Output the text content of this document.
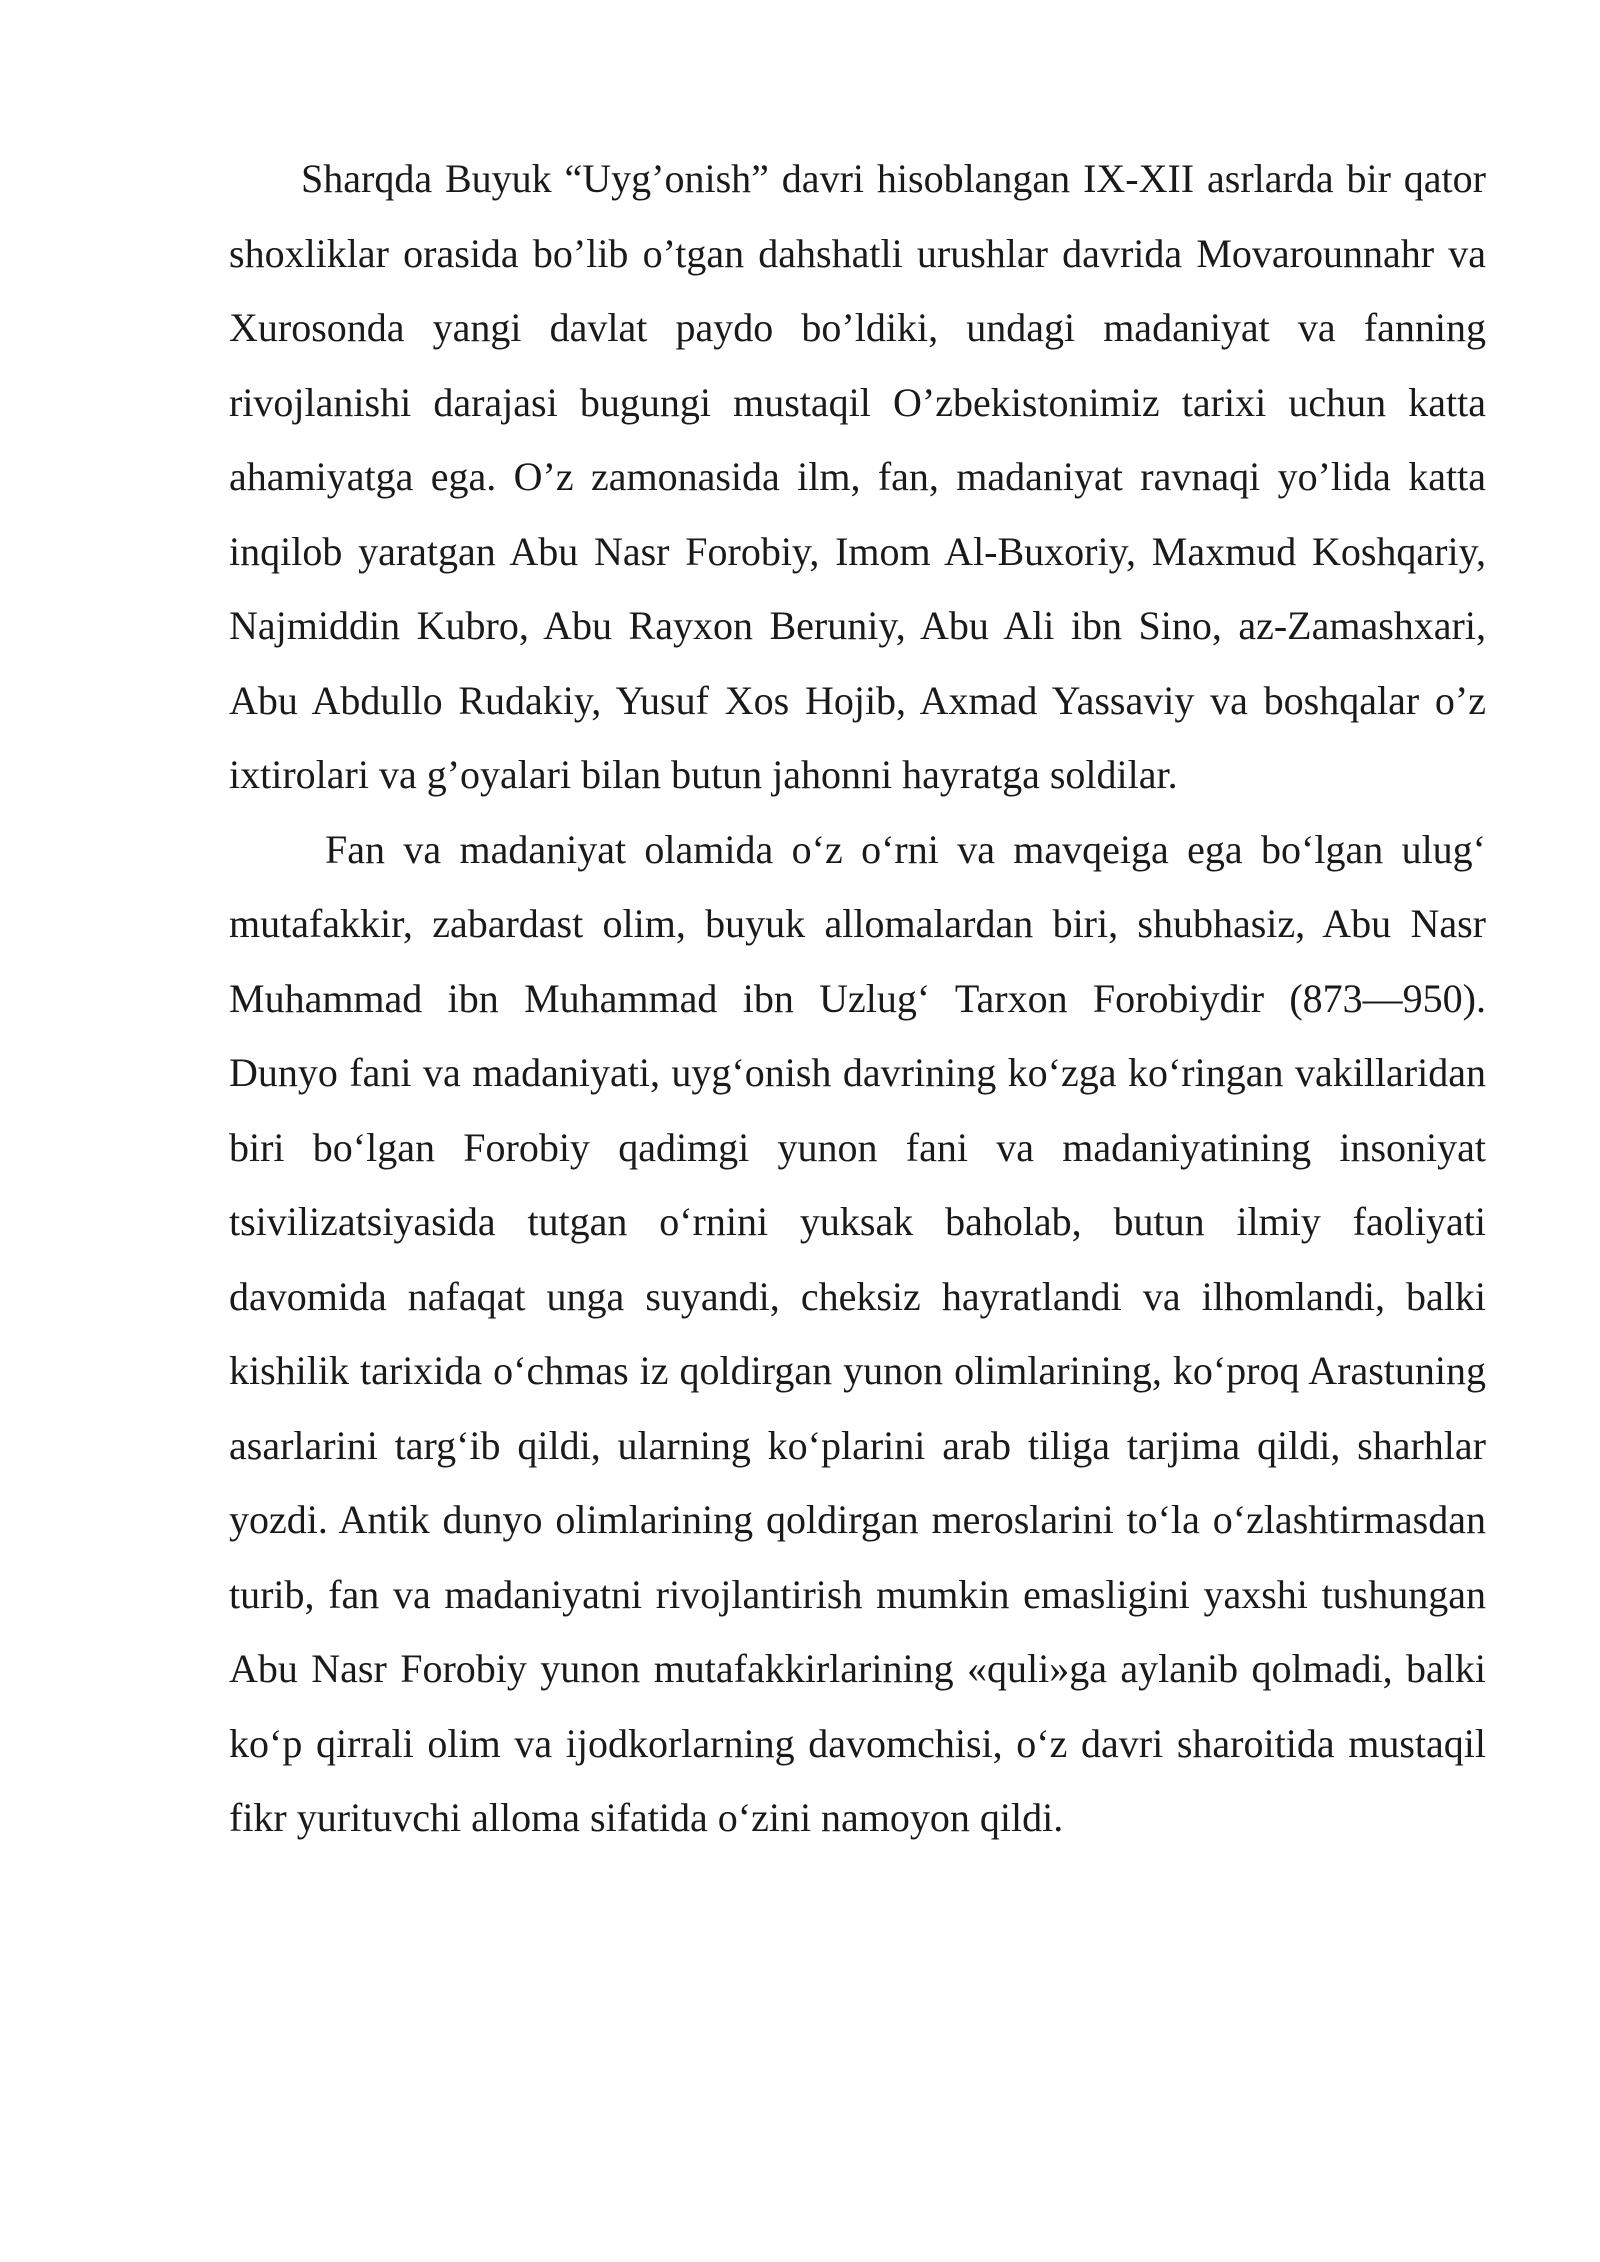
Sharqda Buyuk “Uyg’onish” davri hisoblangan IX-XII asrlarda bir qator shoxliklar orasida bo’lib o’tgan dahshatli urushlar davrida Movarounnahr va Xurosonda yangi davlat paydo bo’ldiki, undagi madaniyat va fanning rivojlanishi darajasi bugungi mustaqil O’zbekistonimiz tarixi uchun katta ahamiyatga ega. O’z zamonasida ilm, fan, madaniyat ravnaqi yo’lida katta inqilob yaratgan Abu Nasr Forobiy, Imom Al-Buxoriy, Maxmud Koshqariy, Najmiddin Kubro, Abu Rayxon Beruniy, Abu Ali ibn Sino, az-Zamashxari, Abu Abdullo Rudakiy, Yusuf Xos Hojib, Axmad Yassaviy va boshqalar o’z ixtirolari va g’oyalari bilan butun jahonni hayratga soldilar.

Fan va madaniyat olamida o‘z o‘rni va mavqeiga ega bo‘lgan ulug‘ mutafakkir, zabardast olim, buyuk allomalardan biri, shubhasiz, Abu Nasr Muhammad ibn Muhammad ibn Uzlug‘ Tarxon Forobiydir (873—950). Dunyo fani va madaniyati, uyg‘onish davrining ko‘zga ko‘ringan vakillaridan biri bo‘lgan Forobiy qadimgi yunon fani va madaniyatining insoniyat tsivilizatsiyasida tutgan o‘rnini yuksak baholab, butun ilmiy faoliyati davomida nafaqat unga suyandi, cheksiz hayratlandi va ilhomlandi, balki kishilik tarixida o‘chmas iz qoldirgan yunon olimlarining, ko‘proq Arastuning asarlarini targ‘ib qildi, ularning ko‘plarini arab tiliga tarjima qildi, sharhlar yozdi. Antik dunyo olimlarining qoldirgan meroslarini to‘la o‘zlashtirmasdan turib, fan va madaniyatni rivojlantirish mumkin emasligini yaxshi tushungan Abu Nasr Forobiy yunon mutafakkirlarining «quli»ga aylanib qolmadi, balki ko‘p qirrali olim va ijodkorlarning davomchisi, o‘z davri sharoitida mustaqil fikr yurituvchi alloma sifatida o‘zini namoyon qildi.
